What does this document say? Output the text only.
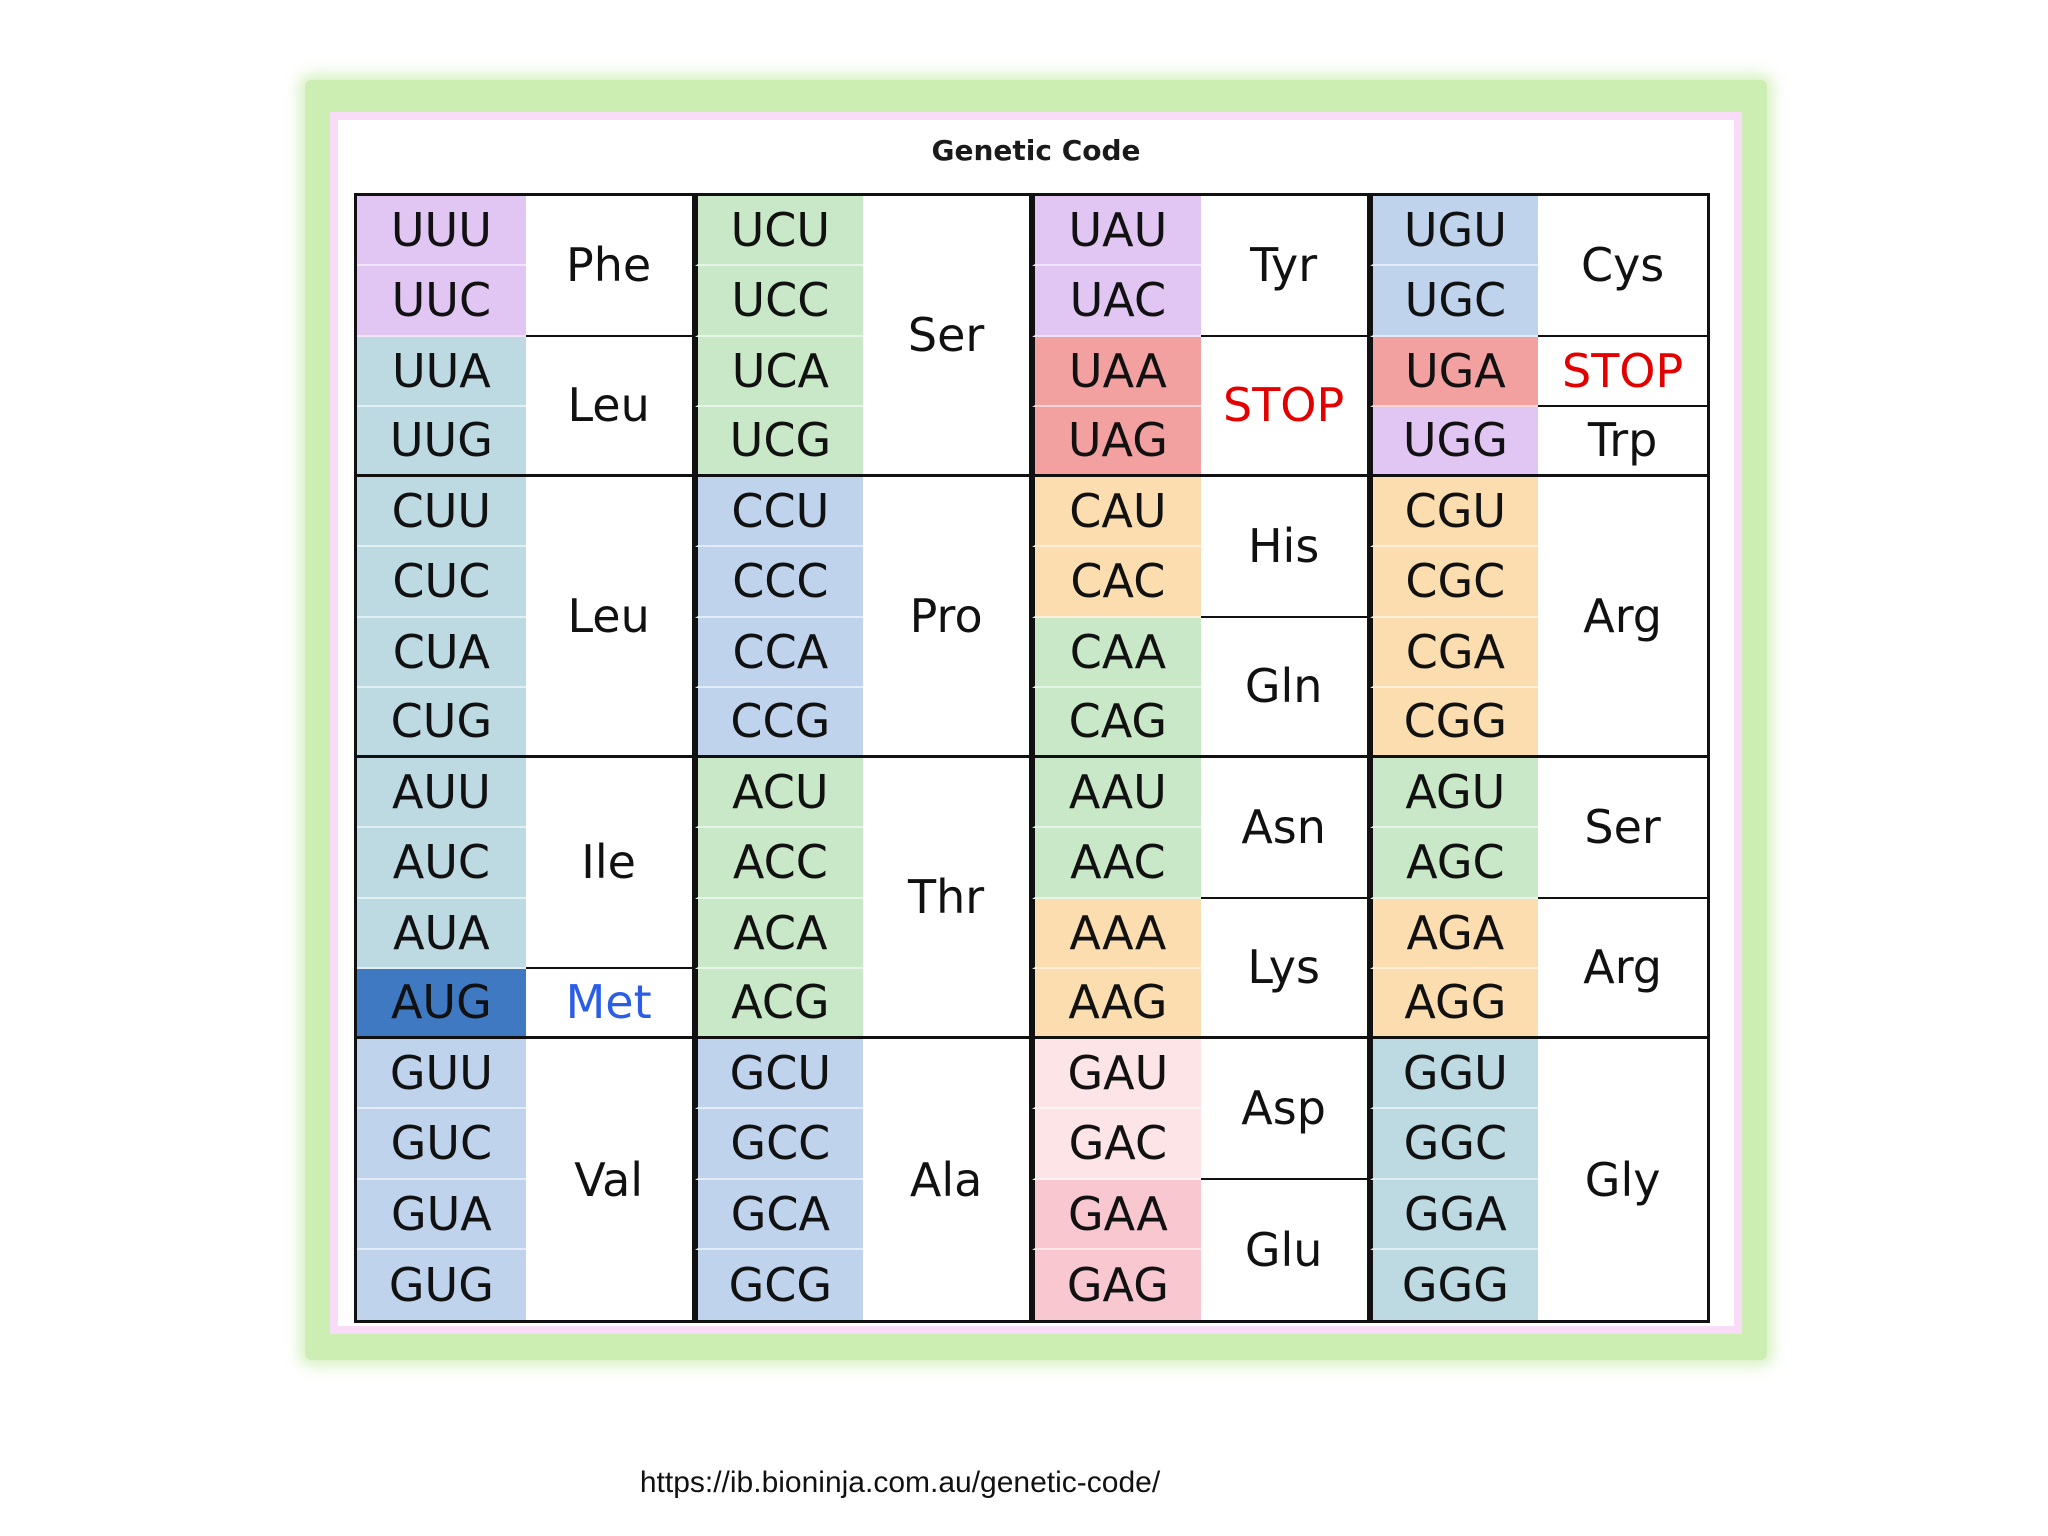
Genetic Code
UUU
UUC
UUA
UUG
CUU
CUC
CUA
CUG
AUU
AUC
AUA
AUG
GUU
GUC
GUA
GUG
UCU
UCC
UCA
UCG
CCU
CCC
CCA
CCG
ACU
ACC
ACA
ACG
GCU
GCC
GCA
GCG
UAU
UAC
UAA
UAG
CAU
CAC
CAA
CAG
AAU
AAC
AAA
AAG
GAU
GAC
GAA
GAG
UGU
UGC
UGA
UGG
CGU
CGC
CGA
CGG
AGU
AGC
AGA
AGG
GGU
GGC
GGA
GGG
Phe
Leu
Leu
Ile
Met
Val
Ser
Pro
Thr
Ala
Tyr
STOP
His
Gln
Asn
Lys
Asp
Glu
Cys
STOP
Trp
Arg
Ser
Arg
Gly
https://ib.bioninja.com.au/genetic-code/
